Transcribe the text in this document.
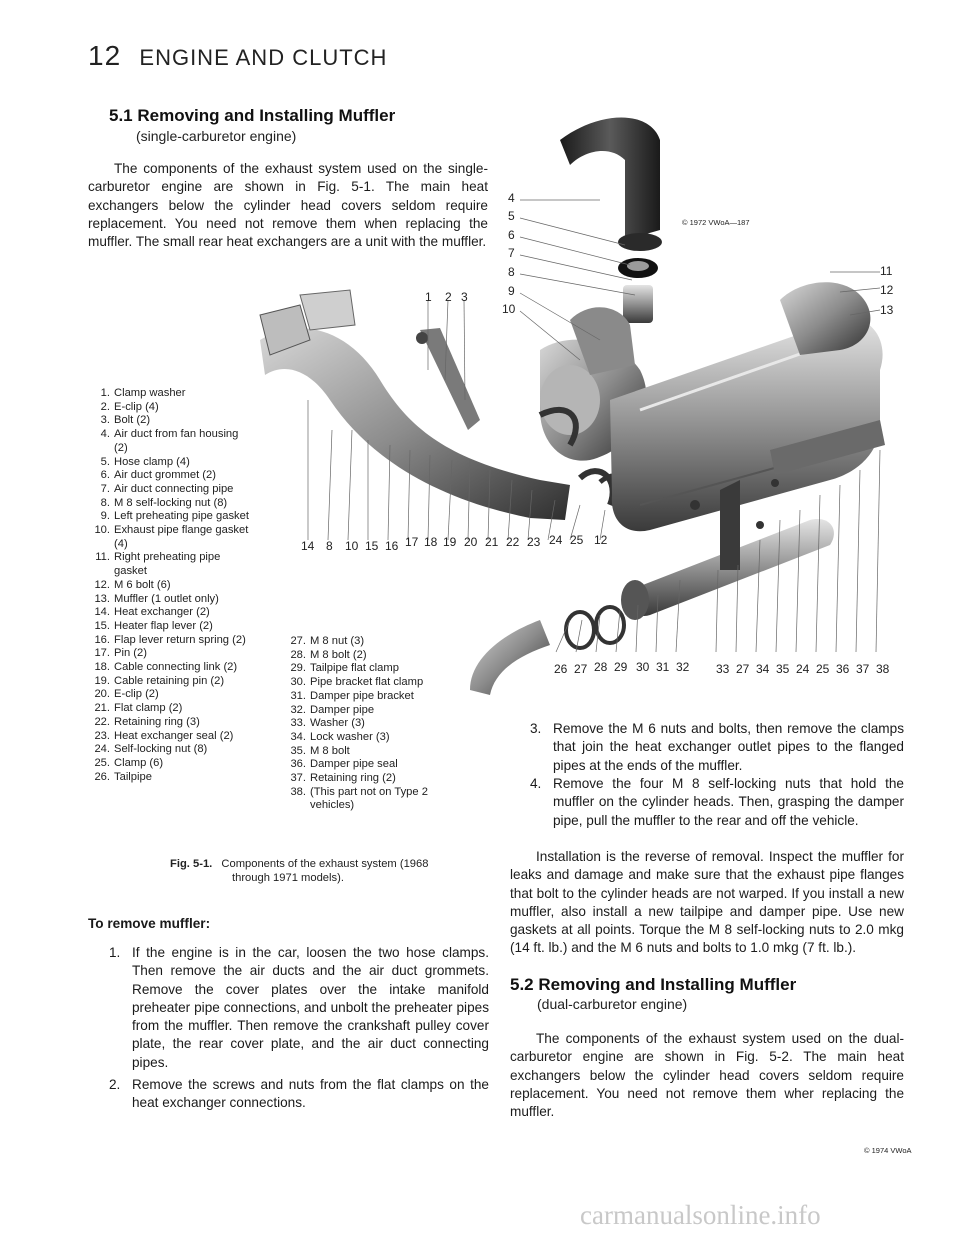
12 ENGINE AND CLUTCH
5.1 Removing and Installing Muffler
(single-carburetor engine)
The components of the exhaust system used on the single-carburetor engine are shown in Fig. 5-1. The main heat exchangers below the cylinder head covers seldom require replacement. You need not remove them when replacing the muffler. The small rear heat exchangers are a unit with the muffler.
© 1972 VWoA—187
1 2 3
4
5
6
7
8
9
10
11
12
13
14 8 10 15 16 17 18 19 20 21 22 23 24 25 12
26 27 28 29 30 31 32 33 27 34 35 24 25 36 37 38
1. Clamp washer
2. E-clip (4)
3. Bolt (2)
4. Air duct from fan housing
(2)
5. Hose clamp (4)
6. Air duct grommet (2)
7. Air duct connecting pipe
8. M 8 self-locking nut (8)
9. Left preheating pipe gasket
10. Exhaust pipe flange gasket
(4)
11. Right preheating pipe
gasket
12. M 6 bolt (6)
13. Muffler (1 outlet only)
14. Heat exchanger (2)
15. Heater flap lever (2)
16. Flap lever return spring (2)
17. Pin (2)
18. Cable connecting link (2)
19. Cable retaining pin (2)
20. E-clip (2)
21. Flat clamp (2)
22. Retaining ring (3)
23. Heat exchanger seal (2)
24. Self-locking nut (8)
25. Clamp (6)
26. Tailpipe
27. M 8 nut (3)
28. M 8 bolt (2)
29. Tailpipe flat clamp
30. Pipe bracket flat clamp
31. Damper pipe bracket
32. Damper pipe
33. Washer (3)
34. Lock washer (3)
35. M 8 bolt
36. Damper pipe seal
37. Retaining ring (2)
38. (This part not on Type 2
vehicles)
Fig. 5-1. Components of the exhaust system (1968
through 1971 models).
To remove muffler:
1. If the engine is in the car, loosen the two hose clamps. Then remove the air ducts and the air duct grommets. Remove the cover plates over the intake manifold preheater pipe connections, and unbolt the preheater pipes from the muffler. Then remove the crankshaft pulley cover plate, the rear cover plate, and the air duct connecting pipes.
2. Remove the screws and nuts from the flat clamps on the heat exchanger connections.
3. Remove the M 6 nuts and bolts, then remove the clamps that join the heat exchanger outlet pipes to the flanged pipes at the ends of the muffler.
4. Remove the four M 8 self-locking nuts that hold the muffler on the cylinder heads. Then, grasping the damper pipe, pull the muffler to the rear and off the vehicle.
Installation is the reverse of removal. Inspect the muffler for leaks and damage and make sure that the exhaust pipe flanges that bolt to the cylinder heads are not warped. If you install a new muffler, also install a new tailpipe and damper pipe. Use new gaskets at all points. Torque the M 8 self-locking nuts to 2.0 mkg (14 ft. lb.) and the M 6 nuts and bolts to 1.0 mkg (7 ft. lb.).
5.2 Removing and Installing Muffler
(dual-carburetor engine)
The components of the exhaust system used on the dual-carburetor engine are shown in Fig. 5-2. The main heat exchangers below the cylinder head covers seldom require replacement. You need not remove them wher replacing the muffler.
© 1974 VWoA
carmanualsonline.info
